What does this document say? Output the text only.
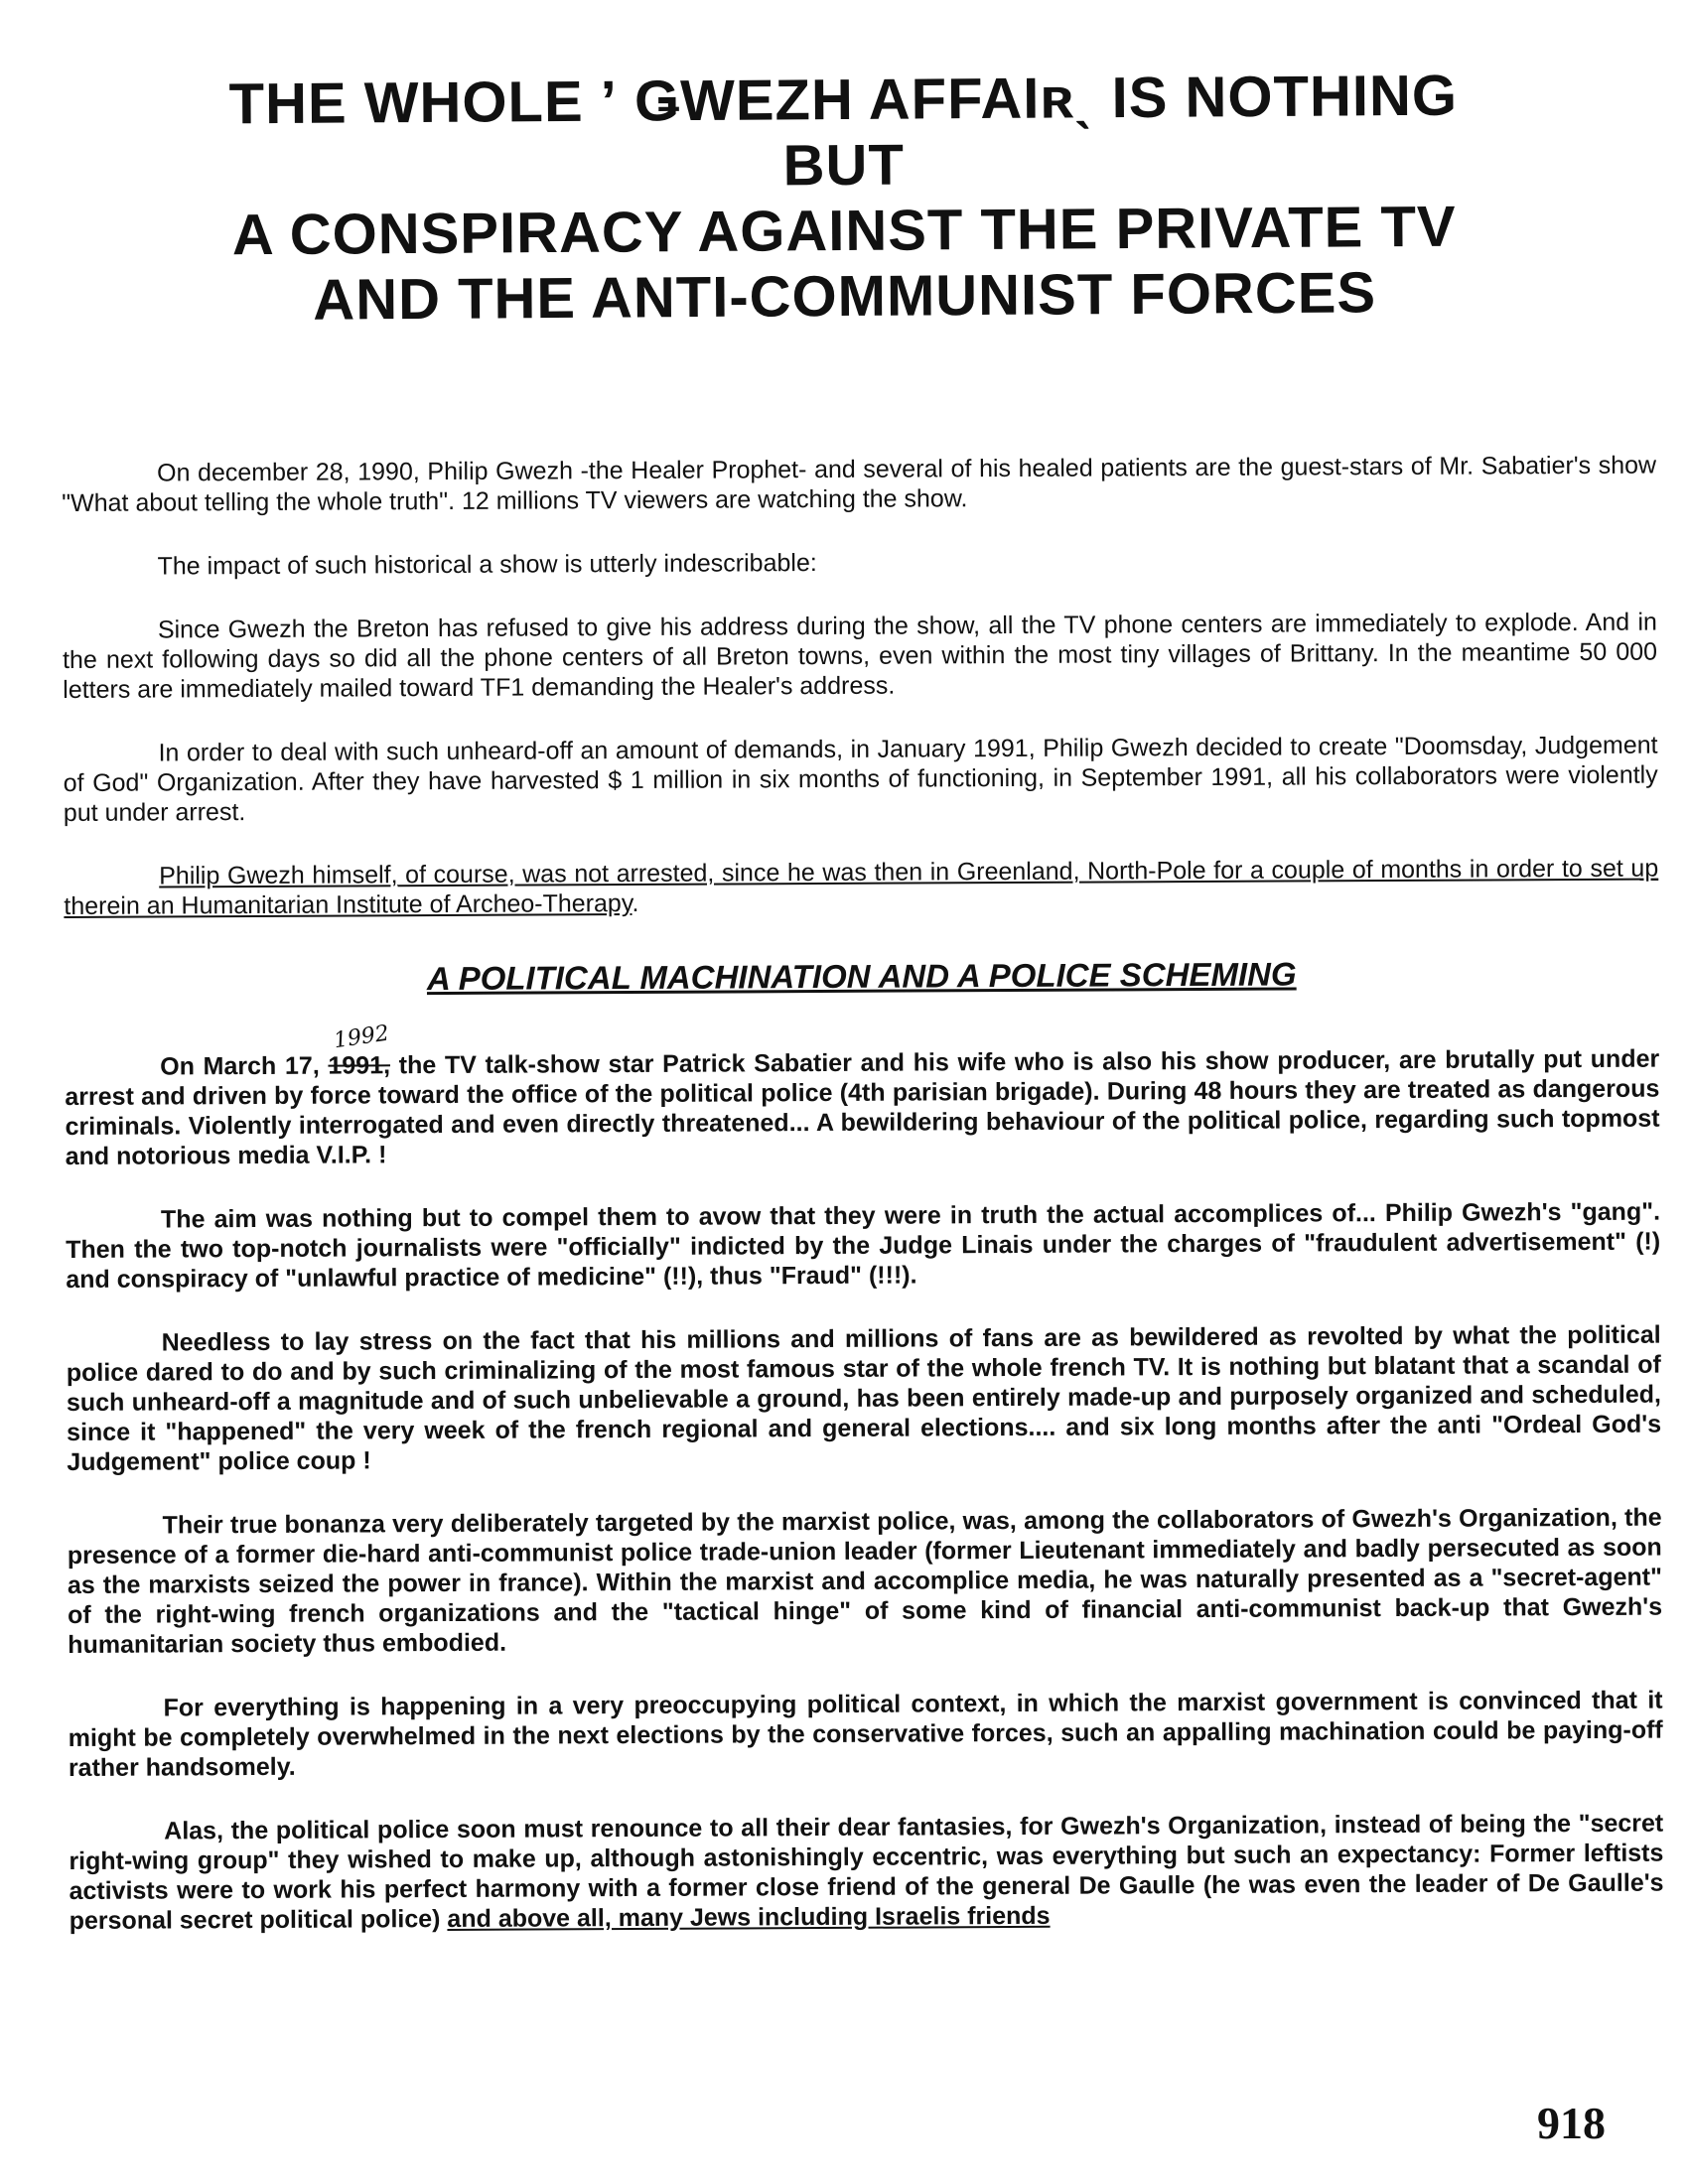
THE WHOLE ʼ ǤWEZH AFFAIʀˎ IS NOTHING
BUT
A CONSPIRACY AGAINST THE PRIVATE TV
AND THE ANTI-COMMUNIST FORCES

On december 28, 1990, Philip Gwezh -the Healer Prophet- and several of his healed patients are the guest-stars of Mr. Sabatier's show "What about telling the whole truth". 12 millions TV viewers are watching the show.

The impact of such historical a show is utterly indescribable:

Since Gwezh the Breton has refused to give his address during the show, all the TV phone centers are immediately to explode. And in the next following days so did all the phone centers of all Breton towns, even within the most tiny villages of Brittany. In the meantime 50 000 letters are immediately mailed toward TF1 demanding the Healer's address.

In order to deal with such unheard-off an amount of demands, in January 1991, Philip Gwezh decided to create "Doomsday, Judgement of God" Organization. After they have harvested $ 1 million in six months of functioning, in September 1991, all his collaborators were violently put under arrest.

Philip Gwezh himself, of course, was not arrested, since he was then in Greenland, North-Pole for a couple of months in order to set up therein an Humanitarian Institute of Archeo-Therapy.

A POLITICAL MACHINATION AND A POLICE SCHEMING

On March 17,
1992
1991, the TV talk-show star Patrick Sabatier and his wife who is also his show producer, are brutally put under arrest and driven by force toward the office of the political police (4th parisian brigade). During 48 hours they are treated as dangerous criminals. Violently interrogated and even directly threatened... A bewildering behaviour of the political police, regarding such topmost and notorious media V.I.P. !

The aim was nothing but to compel them to avow that they were in truth the actual accomplices of... Philip Gwezh's "gang". Then the two top-notch journalists were "officially" indicted by the Judge Linais under the charges of "fraudulent advertisement" (!) and conspiracy of "unlawful practice of medicine" (!!), thus "Fraud" (!!!).

Needless to lay stress on the fact that his millions and millions of fans are as bewildered as revolted by what the political police dared to do and by such criminalizing of the most famous star of the whole french TV. It is nothing but blatant that a scandal of such unheard-off a magnitude and of such unbelievable a ground, has been entirely made-up and purposely organized and scheduled, since it "happened" the very week of the french regional and general elections.... and six long months after the anti "Ordeal God's Judgement" police coup !

Their true bonanza very deliberately targeted by the marxist police, was, among the collaborators of Gwezh's Organization, the presence of a former die-hard anti-communist police trade-union leader (former Lieutenant immediately and badly persecuted as soon as the marxists seized the power in france). Within the marxist and accomplice media, he was naturally presented as a "secret-agent" of the right-wing french organizations and the "tactical hinge" of some kind of financial anti-communist back-up that Gwezh's humanitarian society thus embodied.

For everything is happening in a very preoccupying political context, in which the marxist government is convinced that it might be completely overwhelmed in the next elections by the conservative forces, such an appalling machination could be paying-off rather handsomely.

Alas, the political police soon must renounce to all their dear fantasies, for Gwezh's Organization, instead of being the "secret right-wing group" they wished to make up, although astonishingly eccentric, was everything but such an expectancy: Former leftists activists were to work his perfect harmony with a former close friend of the general De Gaulle (he was even the leader of De Gaulle's personal secret political police) and above all, many Jews including Israelis friends

918
